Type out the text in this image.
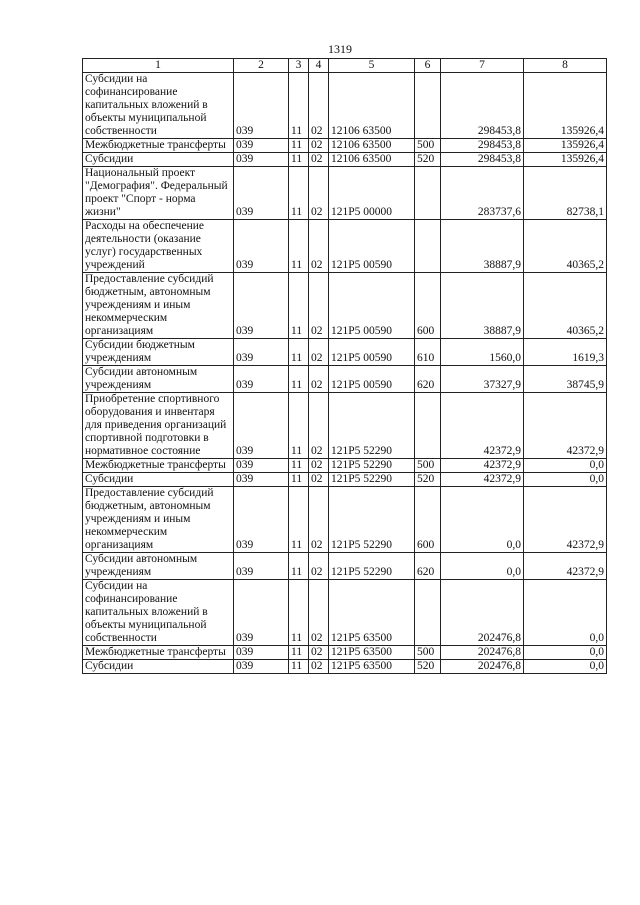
1319
1	2	3	4	5	6	7	8
Субсидии на софинансирование капитальных вложений в объекты муниципальной собственности	039	11	02	12106 63500		298453,8	135926,4
Межбюджетные трансферты	039	11	02	12106 63500	500	298453,8	135926,4
Субсидии	039	11	02	12106 63500	520	298453,8	135926,4
Национальный проект "Демография". Федеральный проект "Спорт - норма жизни"	039	11	02	121P5 00000		283737,6	82738,1
Расходы на обеспечение деятельности (оказание услуг) государственных учреждений	039	11	02	121P5 00590		38887,9	40365,2
Предоставление субсидий бюджетным, автономным учреждениям и иным некоммерческим организациям	039	11	02	121P5 00590	600	38887,9	40365,2
Субсидии бюджетным учреждениям	039	11	02	121P5 00590	610	1560,0	1619,3
Субсидии автономным учреждениям	039	11	02	121P5 00590	620	37327,9	38745,9
Приобретение спортивного оборудования и инвентаря для приведения организаций спортивной подготовки в нормативное состояние	039	11	02	121P5 52290		42372,9	42372,9
Межбюджетные трансферты	039	11	02	121P5 52290	500	42372,9	0,0
Субсидии	039	11	02	121P5 52290	520	42372,9	0,0
Предоставление субсидий бюджетным, автономным учреждениям и иным некоммерческим организациям	039	11	02	121P5 52290	600	0,0	42372,9
Субсидии автономным учреждениям	039	11	02	121P5 52290	620	0,0	42372,9
Субсидии на софинансирование капитальных вложений в объекты муниципальной собственности	039	11	02	121P5 63500		202476,8	0,0
Межбюджетные трансферты	039	11	02	121P5 63500	500	202476,8	0,0
Субсидии	039	11	02	121P5 63500	520	202476,8	0,0
